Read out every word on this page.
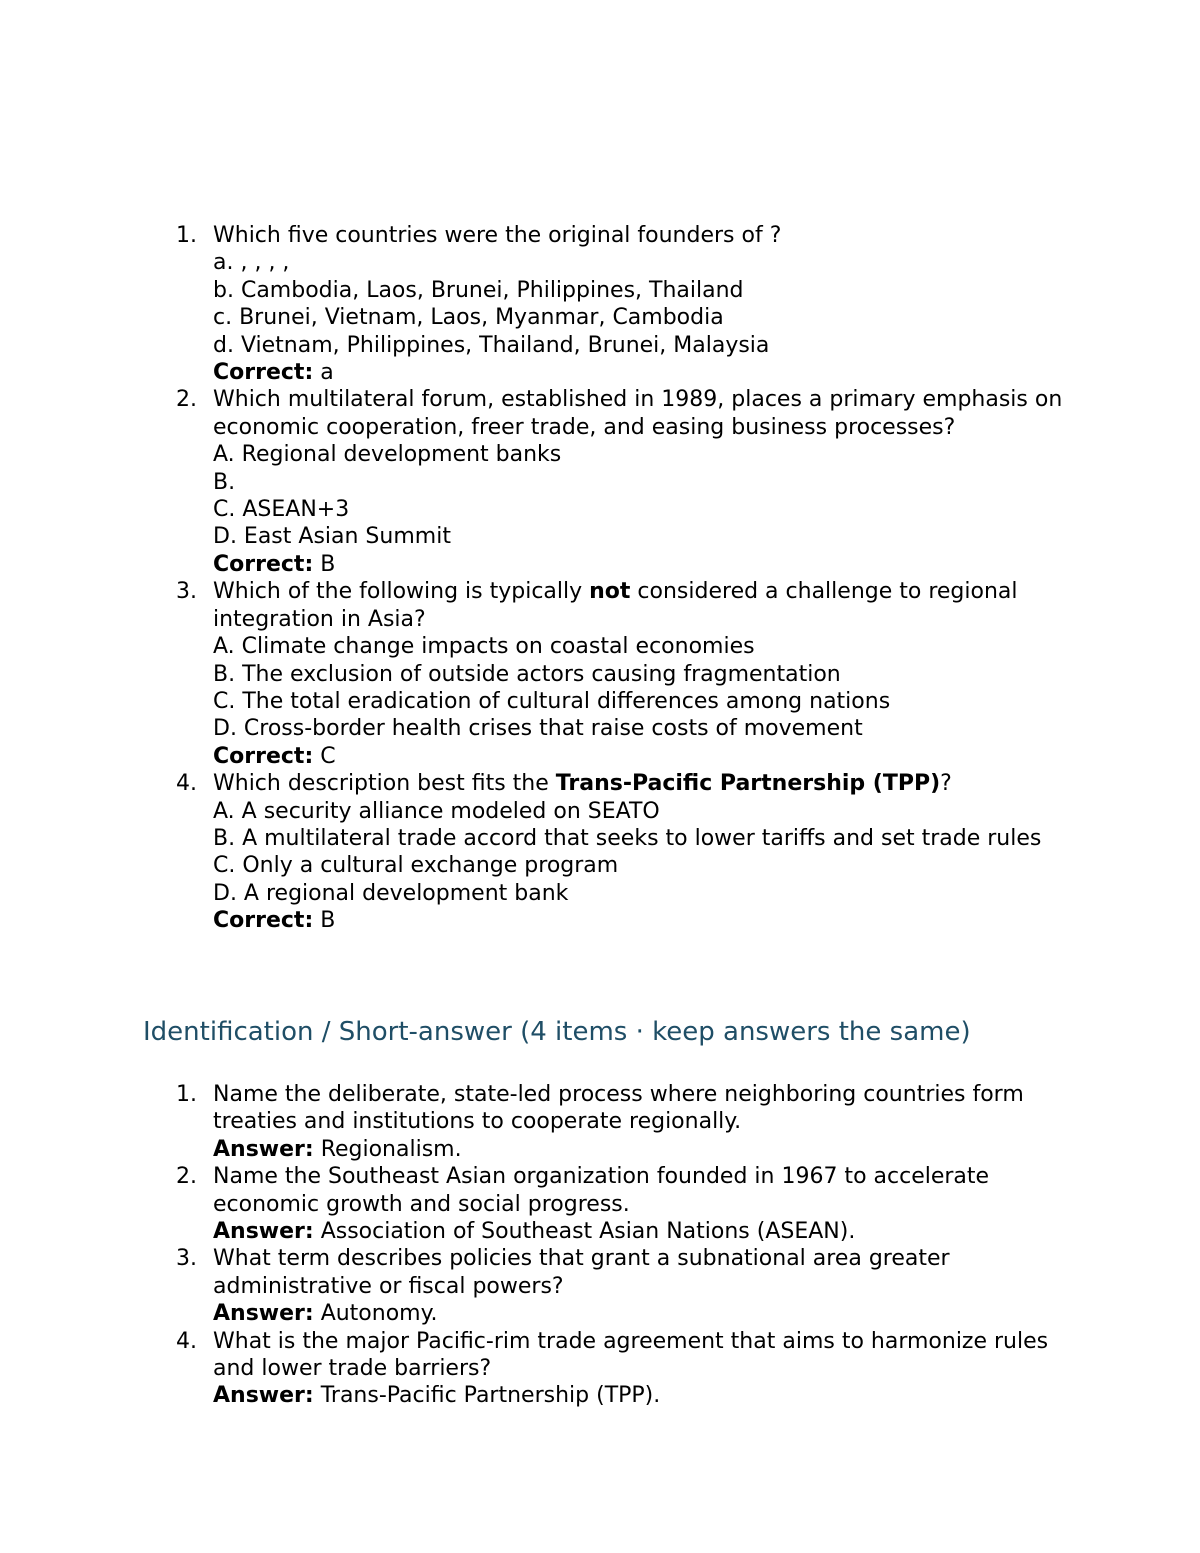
1. Which five countries were the original founders of ?
a. , , , ,
b. Cambodia, Laos, Brunei, Philippines, Thailand
c. Brunei, Vietnam, Laos, Myanmar, Cambodia
d. Vietnam, Philippines, Thailand, Brunei, Malaysia
Correct: a
2. Which multilateral forum, established in 1989, places a primary emphasis on economic cooperation, freer trade, and easing business processes?
A. Regional development banks
B.
C. ASEAN+3
D. East Asian Summit
Correct: B
3. Which of the following is typically not considered a challenge to regional integration in Asia?
A. Climate change impacts on coastal economies
B. The exclusion of outside actors causing fragmentation
C. The total eradication of cultural differences among nations
D. Cross-border health crises that raise costs of movement
Correct: C
4. Which description best fits the Trans-Pacific Partnership (TPP)?
A. A security alliance modeled on SEATO
B. A multilateral trade accord that seeks to lower tariffs and set trade rules
C. Only a cultural exchange program
D. A regional development bank
Correct: B
Identification / Short-answer (4 items · keep answers the same)
1. Name the deliberate, state-led process where neighboring countries form treaties and institutions to cooperate regionally.
Answer: Regionalism.
2. Name the Southeast Asian organization founded in 1967 to accelerate economic growth and social progress.
Answer: Association of Southeast Asian Nations (ASEAN).
3. What term describes policies that grant a subnational area greater administrative or fiscal powers?
Answer: Autonomy.
4. What is the major Pacific-rim trade agreement that aims to harmonize rules and lower trade barriers?
Answer: Trans-Pacific Partnership (TPP).
